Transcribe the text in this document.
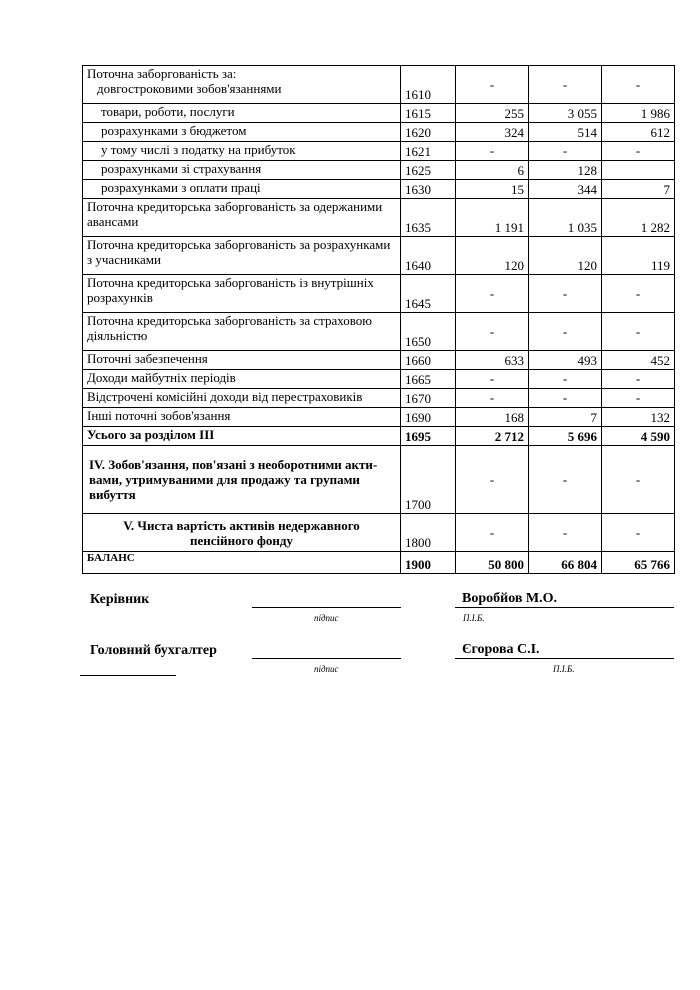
Поточна заборгованість за:
довгостроковими зобов'язаннями	1610	-	-	-
товари, роботи, послуги	1615	255	3 055	1 986
розрахунками з бюджетом	1620	324	514	612
у тому числі з податку на прибуток	1621	-	-	-
розрахунками зі страхування	1625	6	128	
розрахунками з оплати праці	1630	15	344	7
Поточна кредиторська заборгованість за одержаними авансами	1635	1 191	1 035	1 282
Поточна кредиторська заборгованість за розрахунками з учасниками	1640	120	120	119
Поточна кредиторська заборгованість із внутрішніх розрахунків	1645	-	-	-
Поточна кредиторська заборгованість за страховою діяльністю	1650	-	-	-
Поточні забезпечення	1660	633	493	452
Доходи майбутніх періодів	1665	-	-	-
Відстрочені комісійні доходи від перестраховиків	1670	-	-	-
Інші поточні зобов'язання	1690	168	7	132
Усього за розділом ІІІ	1695	2 712	5 696	4 590
IV. Зобов'язання, пов'язані з необоротними акти- вами, утримуваними для продажу та групами вибуття	1700	-	-	-
V. Чиста вартість активів недержавного пенсійного фонду	1800	-	-	-
БАЛАНС	1900	50 800	66 804	65 766
Керівник
підпис
Воробйов М.О.
П.І.Б.
Головний бухгалтер
підпис
Єгорова С.І.
П.І.Б.
